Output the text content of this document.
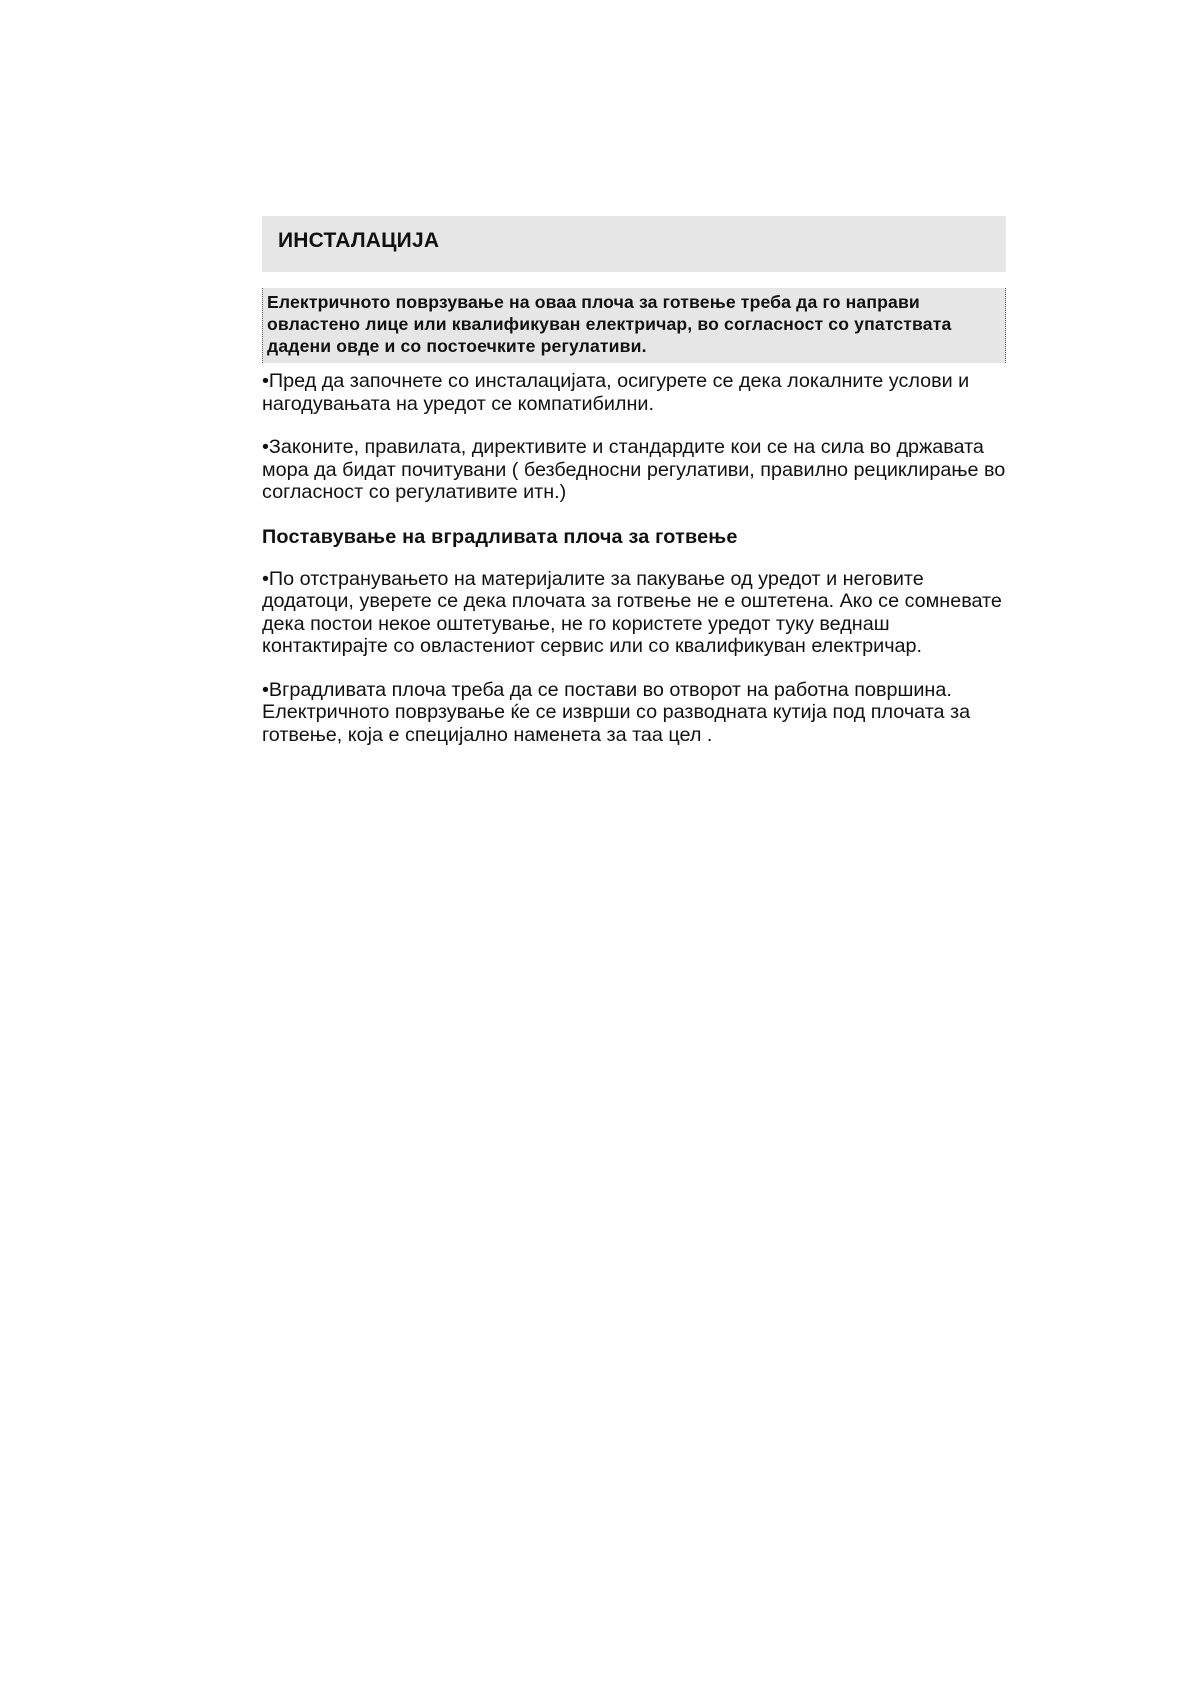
ИНСТАЛАЦИЈА
Електричното поврзување на оваа плоча за готвење треба да го направи овластено лице или квалификуван електричар, во согласност со упатствата дадени овде и со постоечките регулативи.

•Пред да започнете со инсталацијата, осигурете се дека локалните услови и нагодувањата на уредот се компатибилни.

•Законите, правилата, директивите и стандардите кои се на сила во државата мора да бидат почитувани ( безбедносни регулативи, правилно рециклирање во согласност со регулативите итн.)

Поставување на вградливата плоча за готвење

•По отстранувањето на материјалите за пакување од уредот и неговите додатоци, уверете се дека плочата за готвење не е оштетена. Ако се сомневате дека постои некое оштетување, не го користете уредот туку веднаш контактирајте со овластениот сервис или со квалификуван електричар.

•Вградливата плоча треба да се постави во отворот на работна површина. Електричното поврзување ќе се изврши со разводната кутија под плочата за готвење, која е специјално наменета за таа цел .
